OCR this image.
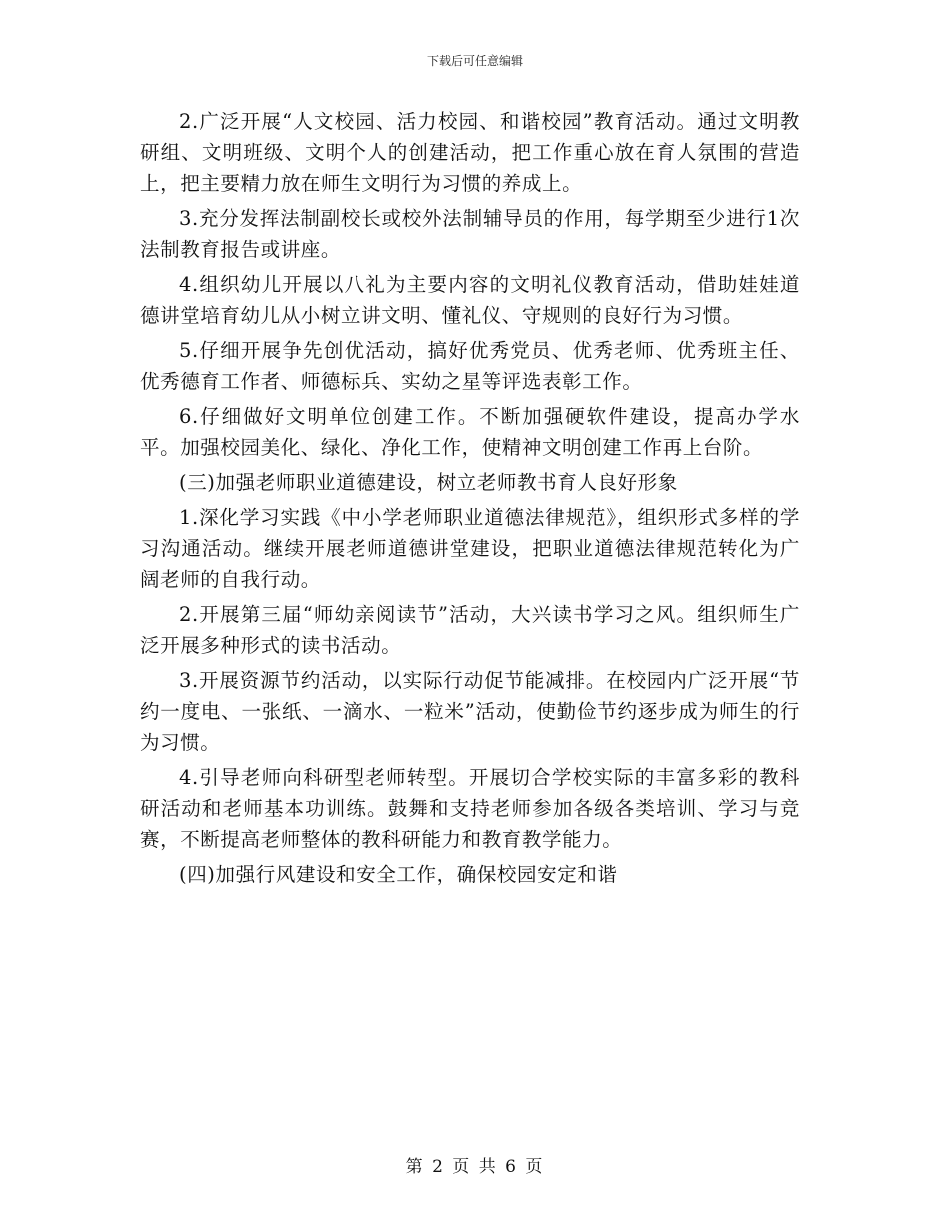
下载后可任意编辑

2.广泛开展“人文校园、活力校园、和谐校园”教育活动。通过文明教研组、文明班级、文明个人的创建活动，把工作重心放在育人氛围的营造上，把主要精力放在师生文明行为习惯的养成上。

3.充分发挥法制副校长或校外法制辅导员的作用，每学期至少进行1次法制教育报告或讲座。

4.组织幼儿开展以八礼为主要内容的文明礼仪教育活动，借助娃娃道德讲堂培育幼儿从小树立讲文明、懂礼仪、守规则的良好行为习惯。

5.仔细开展争先创优活动，搞好优秀党员、优秀老师、优秀班主任、优秀德育工作者、师德标兵、实幼之星等评选表彰工作。

6.仔细做好文明单位创建工作。不断加强硬软件建设，提高办学水平。加强校园美化、绿化、净化工作，使精神文明创建工作再上台阶。

(三)加强老师职业道德建设，树立老师教书育人良好形象

1.深化学习实践《中小学老师职业道德法律规范》，组织形式多样的学习沟通活动。继续开展老师道德讲堂建设，把职业道德法律规范转化为广阔老师的自我行动。

2.开展第三届“师幼亲阅读节”活动，大兴读书学习之风。组织师生广泛开展多种形式的读书活动。

3.开展资源节约活动，以实际行动促节能减排。在校园内广泛开展“节约一度电、一张纸、一滴水、一粒米”活动，使勤俭节约逐步成为师生的行为习惯。

4.引导老师向科研型老师转型。开展切合学校实际的丰富多彩的教科研活动和老师基本功训练。鼓舞和支持老师参加各级各类培训、学习与竞赛，不断提高老师整体的教科研能力和教育教学能力。

(四)加强行风建设和安全工作，确保校园安定和谐

第 2 页 共 6 页
